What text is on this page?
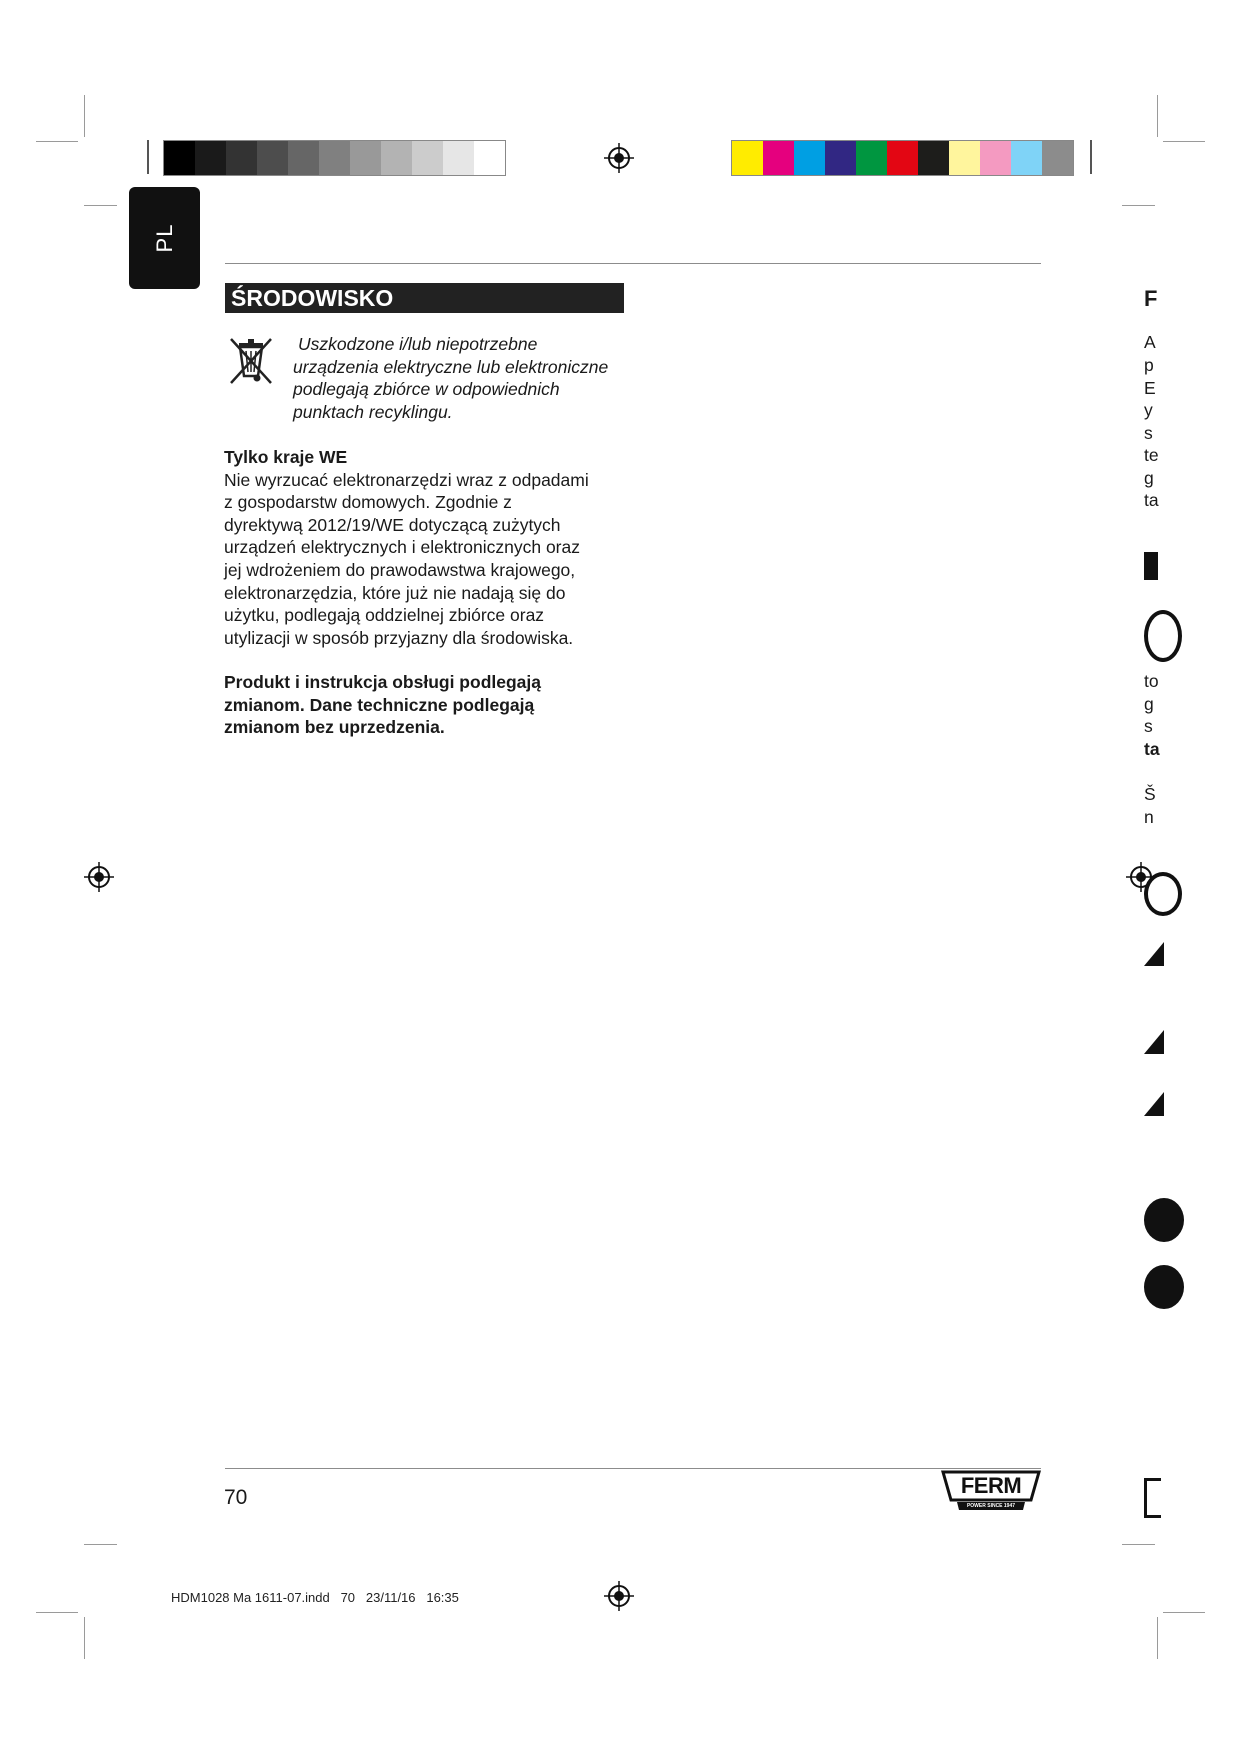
PL
ŚRODOWISKO
Uszkodzone i/lub niepotrzebne
urządzenia elektryczne lub elektroniczne
podlegają zbiórce w odpowiednich
punktach recyklingu.
Tylko kraje WE
Nie wyrzucać elektronarzędzi wraz z odpadami
z gospodarstw domowych. Zgodnie z
dyrektywą 2012/19/WE dotyczącą zużytych
urządzeń elektrycznych i elektronicznych oraz
jej wdrożeniem do prawodawstwa krajowego,
elektronarzędzia, które już nie nadają się do
użytku, podlegają oddzielnej zbiórce oraz
utylizacji w sposób przyjazny dla środowiska.
Produkt i instrukcja obsługi podlegają
zmianom. Dane techniczne podlegają
zmianom bez uprzedzenia.
70	FERM
POWER SINCE 1947
HDM1028 Ma 1611-07.indd   70   23/11/16   16:35
F
A
p
E
y
s
te
g
ta
to
g
s
ta
Š
n
